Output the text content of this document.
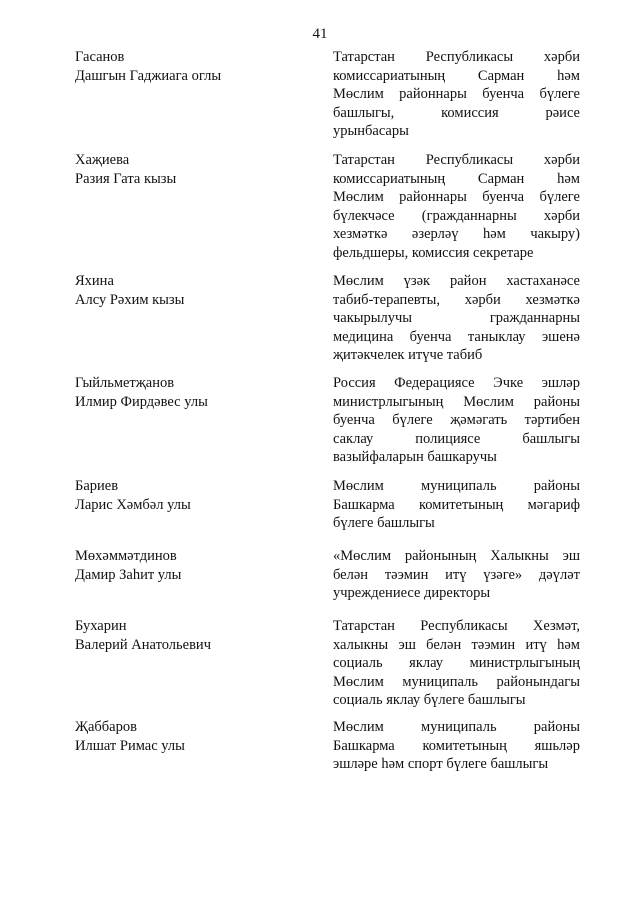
41
Гасанов
Дашгын Гаджиага оглы
Татарстан Республикасы хәрби
комиссариатының Сарман һәм
Мөслим районнары буенча бүлеге
башлыгы,	комиссия	рәисе
урынбасары
Хаҗиева
Разия Гата кызы
Татарстан Республикасы хәрби
комиссариатының Сарман һәм
Мөслим районнары буенча бүлеге
бүлекчәсе (гражданнарны хәрби
хезмәткә әзерләү һәм чакыру)
фельдшеры, комиссия секретаре
Яхина
Алсу Рәхим кызы
Мөслим үзәк район хастаханәсе
табиб-терапевты, хәрби хезмәткә
чакырылучы	гражданнарны
медицина буенча таныклау эшенә
җитәкчелек итүче табиб
Гыйльметҗанов
Илмир Фирдәвес улы
Россия Федерациясе Эчке эшләр
министрлыгының Мөслим районы
буенча бүлеге җәмәгать тәртибен
саклау	полициясе	башлыгы
вазыйфаларын башкаручы
Бариев
Ларис Хәмбәл улы
Мөслим	муниципаль	районы
Башкарма комитетының мәгариф
бүлеге башлыгы
Мөхәммәтдинов
Дамир Заһит улы
«Мөслим районының Халыкны эш
белән тәэмин итү үзәге» дәүләт
учреждениесе директоры
Бухарин
Валерий Анатольевич
Татарстан Республикасы Хезмәт,
халыкны эш белән тәэмин итү һәм
социаль яклау министрлыгының
Мөслим муниципаль районындагы
социаль яклау бүлеге башлыгы
Җаббаров
Илшат Римас улы
Мөслим	муниципаль	районы
Башкарма комитетының яшьләр
эшләре һәм спорт бүлеге башлыгы
